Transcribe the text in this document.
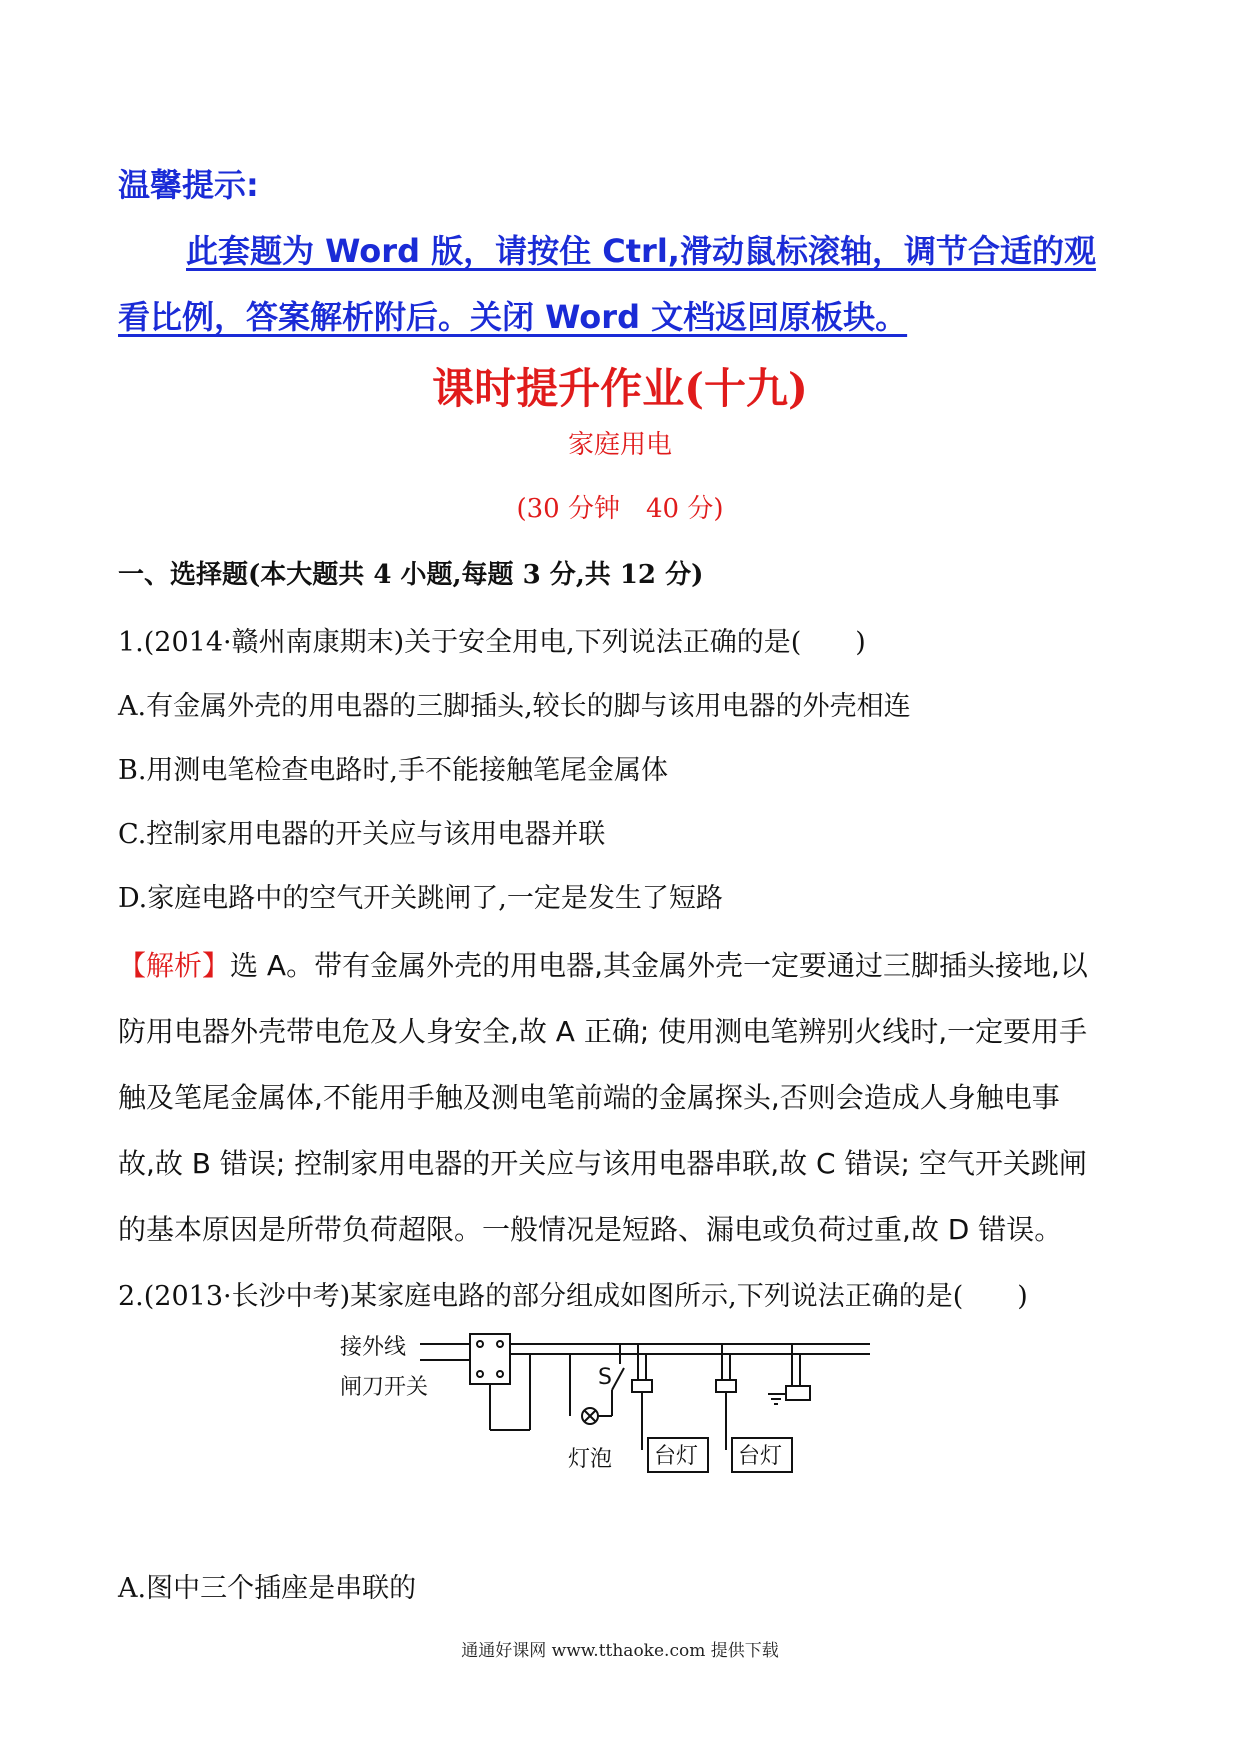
温馨提示:
此套题为 Word 版，请按住 Ctrl,滑动鼠标滚轴，调节合适的观
看比例，答案解析附后。关闭 Word 文档返回原板块。
课时提升作业(十九)
家庭用电
(30 分钟　40 分)
一、选择题(本大题共 4 小题,每题 3 分,共 12 分)
1.(2014·赣州南康期末)关于安全用电,下列说法正确的是(　　)
A.有金属外壳的用电器的三脚插头,较长的脚与该用电器的外壳相连
B.用测电笔检查电路时,手不能接触笔尾金属体
C.控制家用电器的开关应与该用电器并联
D.家庭电路中的空气开关跳闸了,一定是发生了短路
【解析】选 A。带有金属外壳的用电器,其金属外壳一定要通过三脚插头接地,以
防用电器外壳带电危及人身安全,故 A 正确; 使用测电笔辨别火线时,一定要用手
触及笔尾金属体,不能用手触及测电笔前端的金属探头,否则会造成人身触电事
故,故 B 错误; 控制家用电器的开关应与该用电器串联,故 C 错误; 空气开关跳闸
的基本原因是所带负荷超限。一般情况是短路、漏电或负荷过重,故 D 错误。
2.(2013·长沙中考)某家庭电路的部分组成如图所示,下列说法正确的是(　　)
接外线
闸刀开关	S
灯泡 台灯 台灯
A.图中三个插座是串联的
通通好课网 www.tthaoke.com 提供下载
